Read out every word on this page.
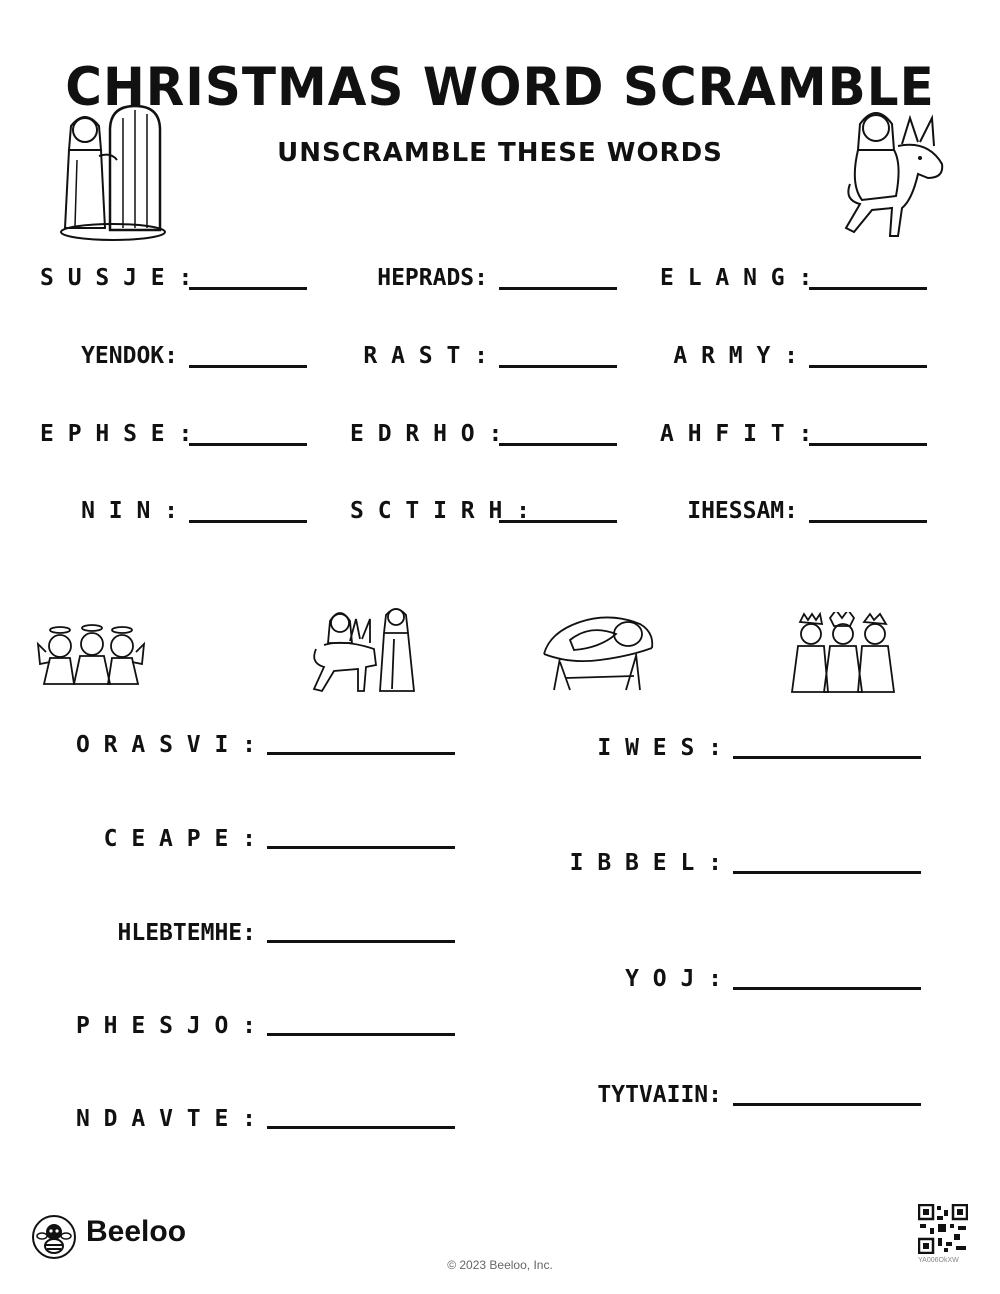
CHRISTMAS WORD SCRAMBLE
UNSCRAMBLE THESE WORDS
S U S J E :	HEPRADS:	E L A N G :
YENDOK:	R A S T :	A R M Y :
E P H S E :	E D R H O :	A H F I T :
N I N :	S C T I R H :	IHESSAM:
O R A S V I :
C E A P E :
HLEBTEMHE:
P H E S J O :
N D A V T E :
I W E S :
I B B E L :
Y O J :
TYTVAIIN:
Beeloo
© 2023 Beeloo, Inc.	YA006OkXW
